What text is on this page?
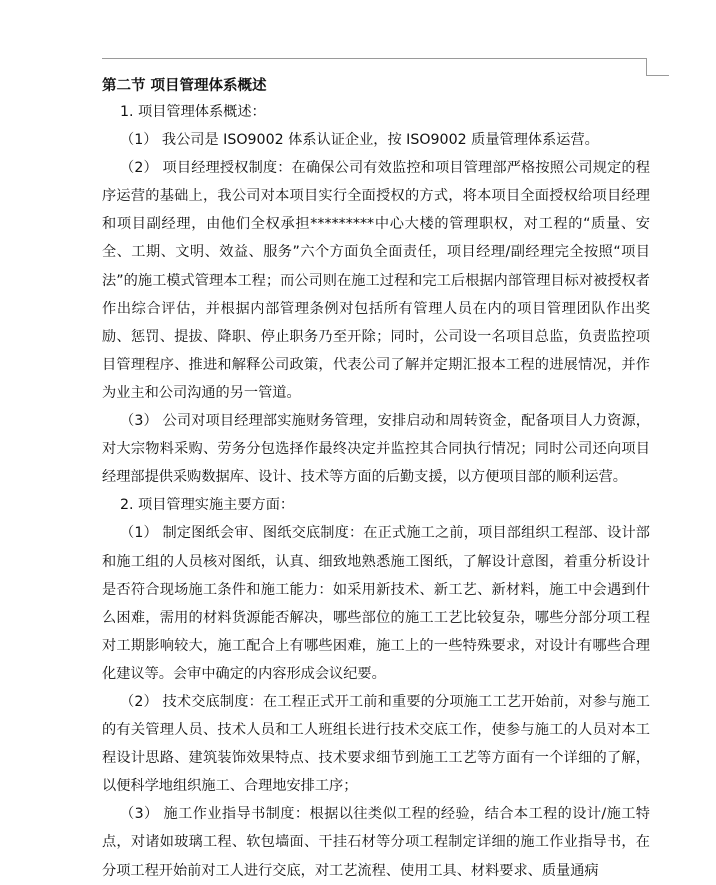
第二节 项目管理体系概述

1. 项目管理体系概述：

（1） 我公司是 ISO9002 体系认证企业，按 ISO9002 质量管理体系运营。

（2） 项目经理授权制度：在确保公司有效监控和项目管理部严格按照公司规定的程序运营的基础上，我公司对本项目实行全面授权的方式，将本项目全面授权给项目经理和项目副经理，由他们全权承担*********中心大楼的管理职权，对工程的“质量、安全、工期、文明、效益、服务”六个方面负全面责任，项目经理/副经理完全按照“项目法”的施工模式管理本工程；而公司则在施工过程和完工后根据内部管理目标对被授权者作出综合评估，并根据内部管理条例对包括所有管理人员在内的项目管理团队作出奖励、惩罚、提拔、降职、停止职务乃至开除；同时，公司设一名项目总监，负责监控项目管理程序、推进和解释公司政策，代表公司了解并定期汇报本工程的进展情况，并作为业主和公司沟通的另一管道。

（3） 公司对项目经理部实施财务管理，安排启动和周转资金，配备项目人力资源，对大宗物料采购、劳务分包选择作最终决定并监控其合同执行情况；同时公司还向项目经理部提供采购数据库、设计、技术等方面的后勤支援，以方便项目部的顺利运营。

2. 项目管理实施主要方面：

（1） 制定图纸会审、图纸交底制度：在正式施工之前，项目部组织工程部、设计部和施工组的人员核对图纸，认真、细致地熟悉施工图纸，了解设计意图，着重分析设计是否符合现场施工条件和施工能力：如采用新技术、新工艺、新材料，施工中会遇到什么困难，需用的材料货源能否解决，哪些部位的施工工艺比较复杂，哪些分部分项工程对工期影响较大，施工配合上有哪些困难，施工上的一些特殊要求，对设计有哪些合理化建议等。会审中确定的内容形成会议纪要。

（2） 技术交底制度：在工程正式开工前和重要的分项施工工艺开始前，对参与施工的有关管理人员、技术人员和工人班组长进行技术交底工作，使参与施工的人员对本工程设计思路、建筑装饰效果特点、技术要求细节到施工工艺等方面有一个详细的了解，以便科学地组织施工、合理地安排工序；

（3） 施工作业指导书制度：根据以往类似工程的经验，结合本工程的设计/施工特点，对诸如玻璃工程、软包墙面、干挂石材等分项工程制定详细的施工作业指导书，在分项工程开始前对工人进行交底，对工艺流程、使用工具、材料要求、质量通病
